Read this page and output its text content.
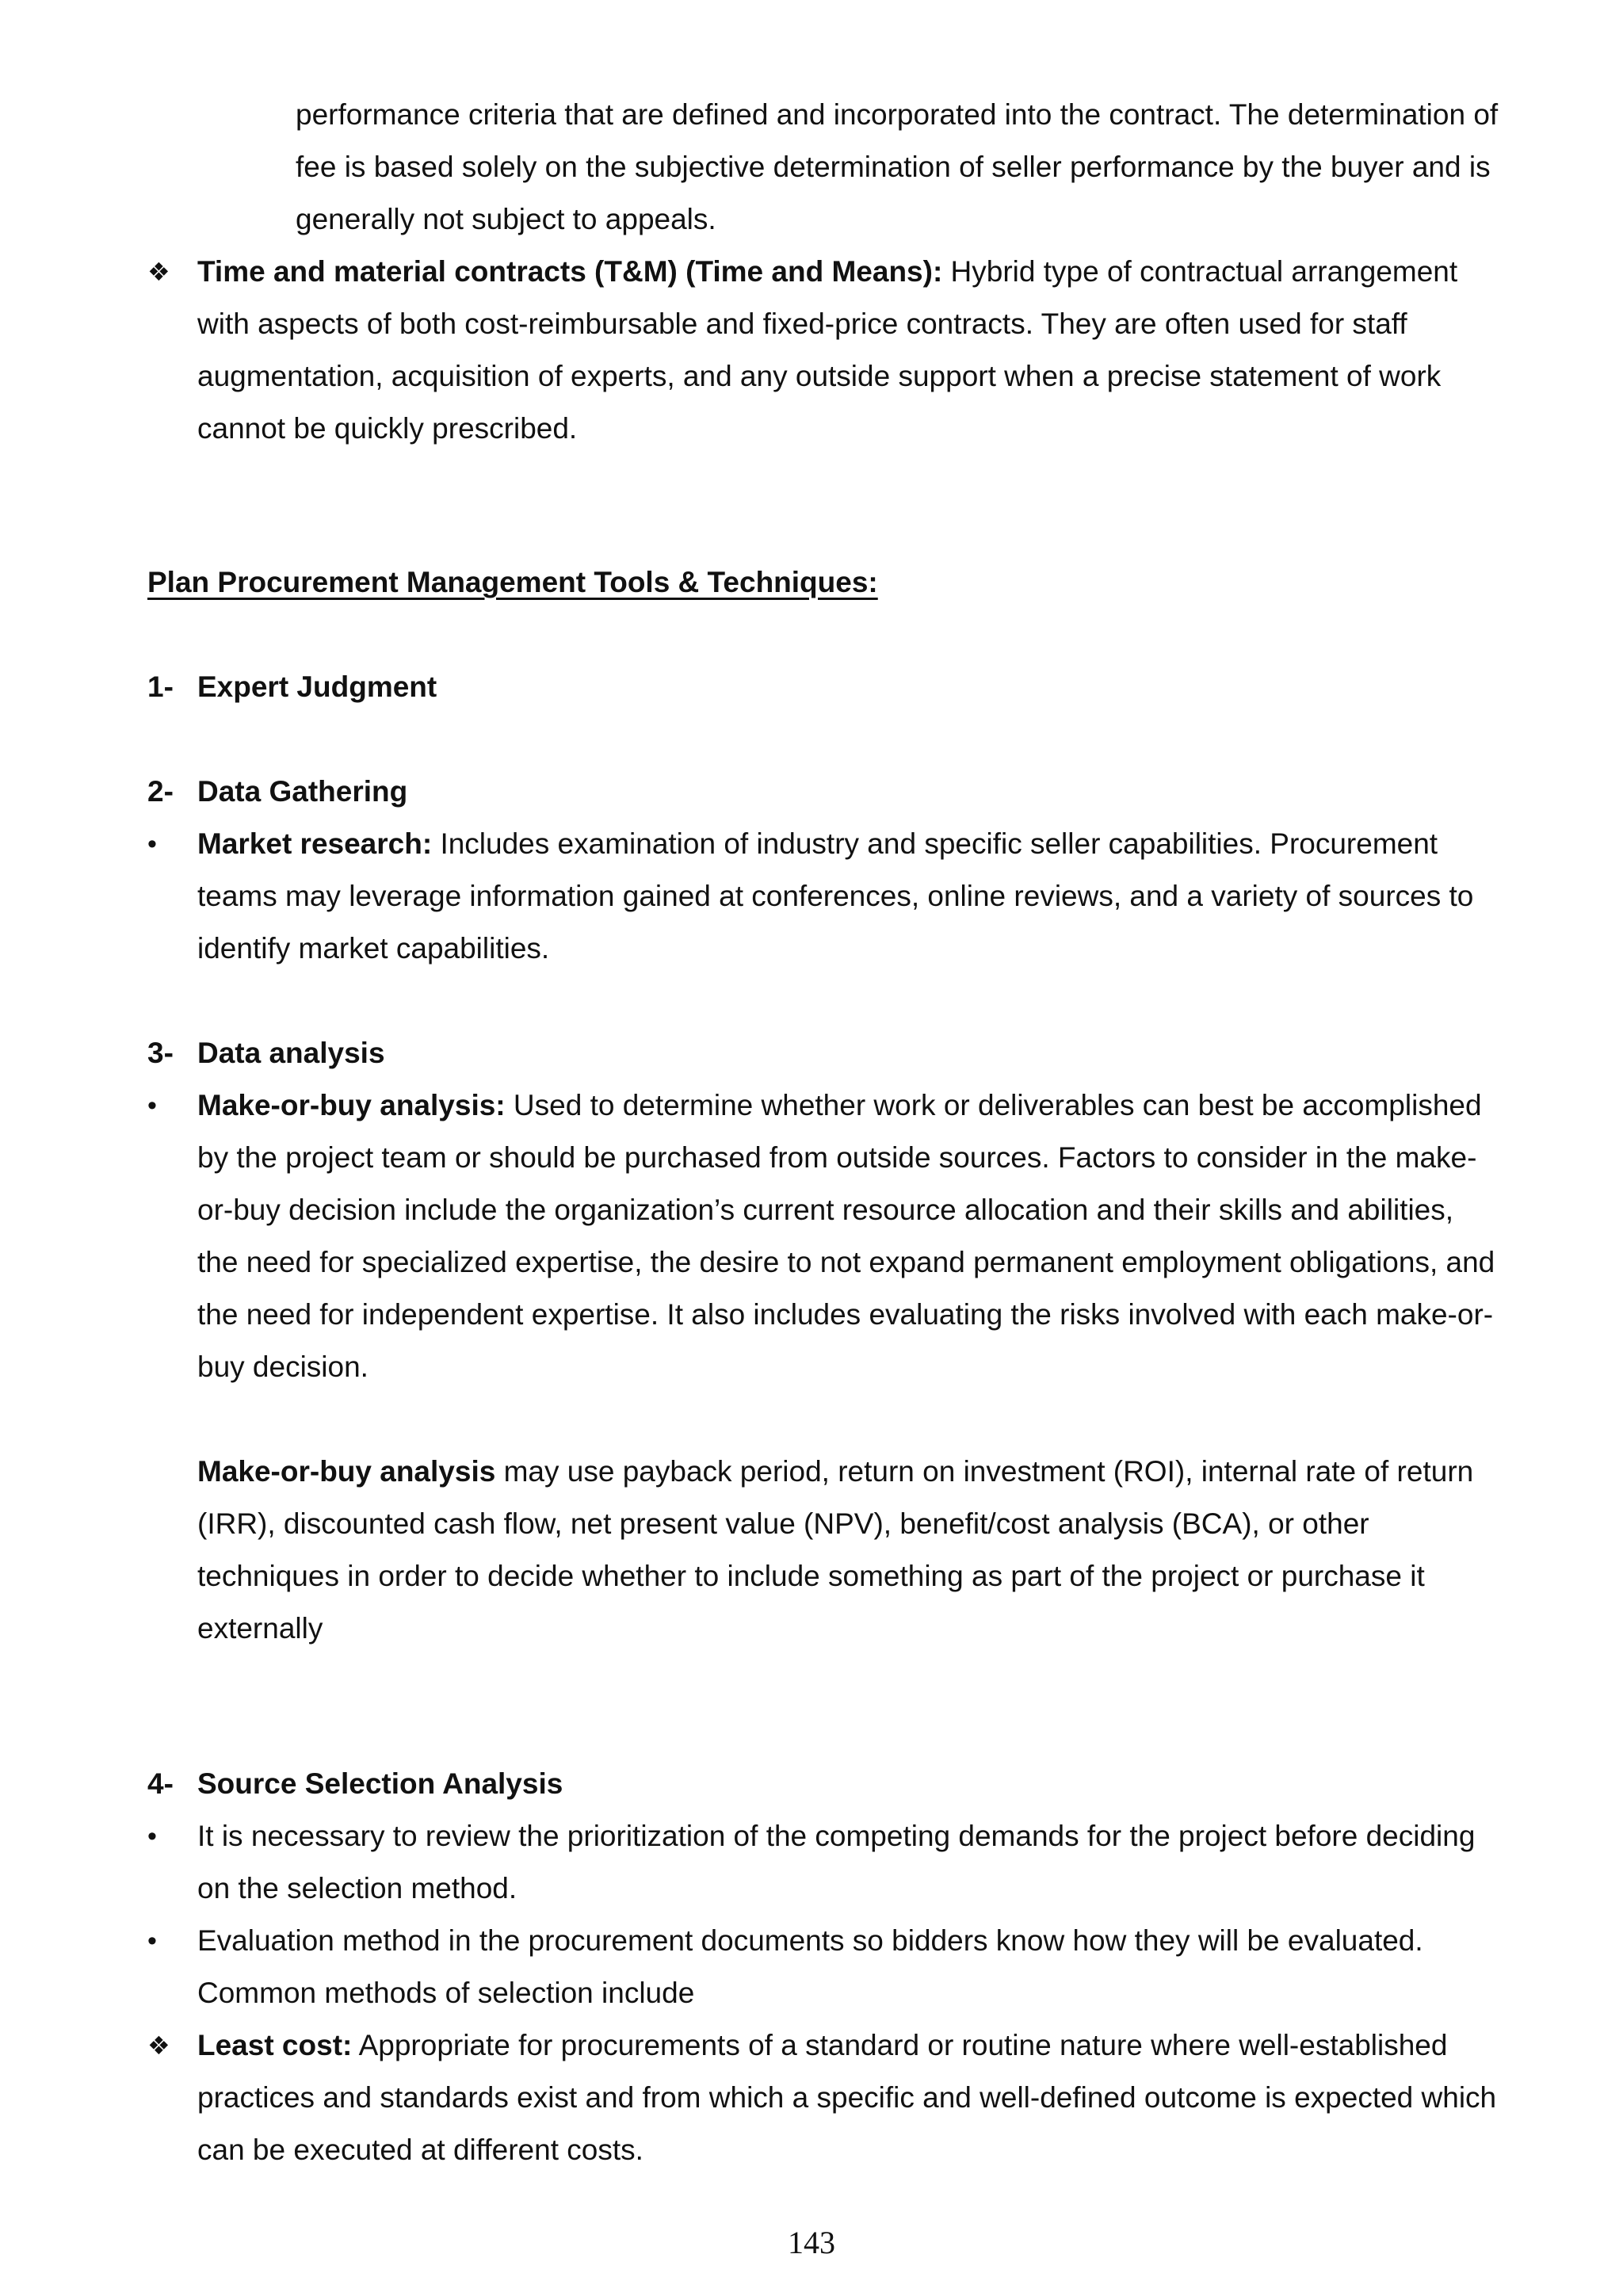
performance criteria that are defined and incorporated into the contract. The determination of
fee is based solely on the subjective determination of seller performance by the buyer and is
generally not subject to appeals.
❖ Time and material contracts (T&M) (Time and Means): Hybrid type of contractual arrangement
with aspects of both cost-reimbursable and fixed-price contracts. They are often used for staff
augmentation, acquisition of experts, and any outside support when a precise statement of work
cannot be quickly prescribed.
Plan Procurement Management Tools & Techniques:
1- Expert Judgment
2- Data Gathering
• Market research: Includes examination of industry and specific seller capabilities. Procurement
teams may leverage information gained at conferences, online reviews, and a variety of sources to
identify market capabilities.
3- Data analysis
• Make-or-buy analysis: Used to determine whether work or deliverables can best be accomplished
by the project team or should be purchased from outside sources. Factors to consider in the make-
or-buy decision include the organization’s current resource allocation and their skills and abilities,
the need for specialized expertise, the desire to not expand permanent employment obligations, and
the need for independent expertise. It also includes evaluating the risks involved with each make-or-
buy decision.
Make-or-buy analysis may use payback period, return on investment (ROI), internal rate of return
(IRR), discounted cash flow, net present value (NPV), benefit/cost analysis (BCA), or other
techniques in order to decide whether to include something as part of the project or purchase it
externally
4- Source Selection Analysis
• It is necessary to review the prioritization of the competing demands for the project before deciding
on the selection method.
• Evaluation method in the procurement documents so bidders know how they will be evaluated.
Common methods of selection include
❖ Least cost: Appropriate for procurements of a standard or routine nature where well-established
practices and standards exist and from which a specific and well-defined outcome is expected which
can be executed at different costs.
143
